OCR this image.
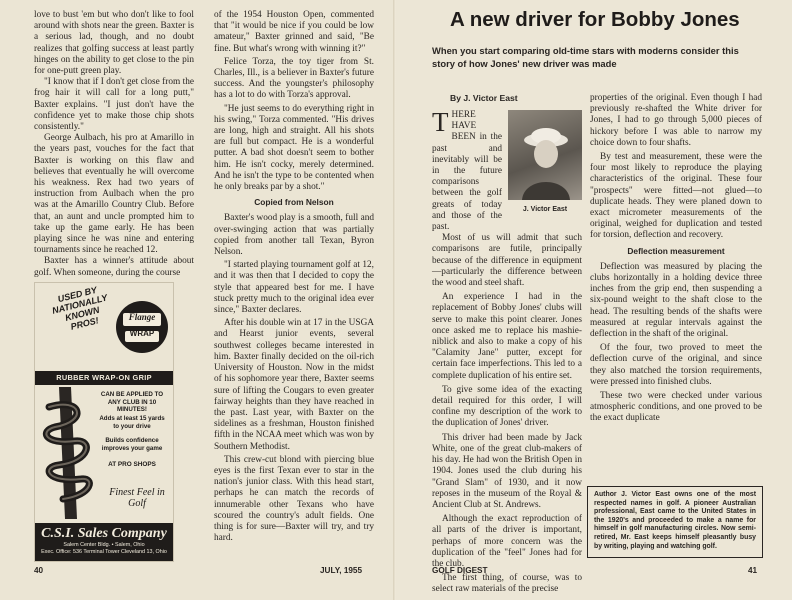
love to bust 'em but who don't like to fool around with shots near the green. Baxter is a serious lad, though, and no doubt realizes that golfing success at least partly hinges on the ability to get close to the pin for one-putt green play.

"I know that if I don't get close from the frog hair it will call for a long putt," Baxter explains. "I just don't have the confidence yet to make those chip shots consistently."

George Aulbach, his pro at Amarillo in the years past, vouches for the fact that Baxter is working on this flaw and believes that eventually he will overcome his weakness. Rex had two years of instruction from Aulbach when the pro was at the Amarillo Country Club. Before that, an aunt and uncle prompted him to take up the game early. He has been playing since he was nine and entering tournaments since he reached 12.

Baxter has a winner's attitude about golf. When someone, during the course

of the 1954 Houston Open, commented that "it would be nice if you could be low amateur," Baxter grinned and said, "Be fine. But what's wrong with winning it?"

Felice Torza, the toy tiger from St. Charles, Ill., is a believer in Baxter's future success. And the youngster's philosophy has a lot to do with Torza's approval.

"He just seems to do everything right in his swing," Torza commented. "His drives are long, high and straight. All his shots are full but compact. He is a wonderful putter. A bad shot doesn't seem to bother him. He isn't cocky, merely determined. And he isn't the type to be contented when he only breaks par by a shot."

Copied from Nelson

Baxter's wood play is a smooth, full and over-swinging action that was partially copied from another tall Texan, Byron Nelson.

"I started playing tournament golf at 12, and it was then that I decided to copy the style that appeared best for me. I have stuck pretty much to the original idea ever since," Baxter declares.

After his double win at 17 in the USGA and Hearst junior events, several southwest colleges became interested in him. Baxter finally decided on the oil-rich University of Houston. Now in the midst of his sophomore year there, Baxter seems sure of lifting the Cougars to even greater fairway heights than they have reached in the past. Last year, with Baxter on the sidelines as a freshman, Houston finished fifth in the NCAA meet which was won by Southern Methodist.

This crew-cut blond with piercing blue eyes is the first Texan ever to star in the nation's junior class. With this head start, perhaps he can match the records of innumerable other Texans who have scoured the country's adult fields. One thing is for sure—Baxter will try, and try hard.

USED BY NATIONALLY KNOWN PROS!	Flange
WRAP
RUBBER WRAP-ON GRIP
CAN BE APPLIED TO ANY CLUB IN 10 MINUTES!
Adds at least 15 yards to your drive
Builds confidence improves your game
AT PRO SHOPS
Finest Feel in Golf
C.S.I. Sales Company
Salem Center Bldg. • Salem, Ohio
Exec. Office: 536 Terminal Tower Cleveland 13, Ohio
40	JULY, 1955
A new driver for Bobby Jones
When you start comparing old-time stars with moderns consider this story of how Jones' new driver was made
By J. Victor East
J. Victor East

THERE HAVE BEEN in the past and inevitably will be in the future comparisons between the golf greats of today and those of the past.

Most of us will admit that such comparisons are futile, principally because of the difference in equipment—particularly the difference between the wood and steel shaft.

An experience I had in the replacement of Bobby Jones' clubs will serve to make this point clearer. Jones once asked me to replace his mashie-niblick and also to make a copy of his "Calamity Jane" putter, except for certain face imperfections. This led to a complete duplication of his entire set.

To give some idea of the exacting detail required for this order, I will confine my description of the work to the duplication of Jones' driver.

This driver had been made by Jack White, one of the great club-makers of his day. He had won the British Open in 1904. Jones used the club during his "Grand Slam" of 1930, and it now reposes in the museum of the Royal & Ancient Club at St. Andrews.

Although the exact reproduction of all parts of the driver is important, perhaps of more concern was the duplication of the "feel" Jones had for the club.

The first thing, of course, was to select raw materials of the precise

properties of the original. Even though I had previously re-shafted the White driver for Jones, I had to go through 5,000 pieces of hickory before I was able to narrow my choice down to four shafts.

By test and measurement, these were the four most likely to reproduce the playing characteristics of the original. These four "prospects" were fitted—not glued—to duplicate heads. They were planed down to exact micrometer measurements of the original, weighed for duplication and tested for torsion, deflection and recovery.

Deflection measurement

Deflection was measured by placing the clubs horizontally in a holding device three inches from the grip end, then suspending a six-pound weight to the shaft close to the head. The resulting bends of the shafts were measured at regular intervals against the deflection in the shaft of the original.

Of the four, two proved to meet the deflection curve of the original, and since they also matched the torsion requirements, were pressed into finished clubs.

These two were checked under various atmospheric conditions, and one proved to be the exact duplicate

Author J. Victor East owns one of the most respected names in golf. A pioneer Australian professional, East came to the United States in the 1920's and proceeded to make a name for himself in golf manufacturing circles. Now semi-retired, Mr. East keeps himself pleasantly busy by writing, playing and watching golf.
GOLF DIGEST	41
